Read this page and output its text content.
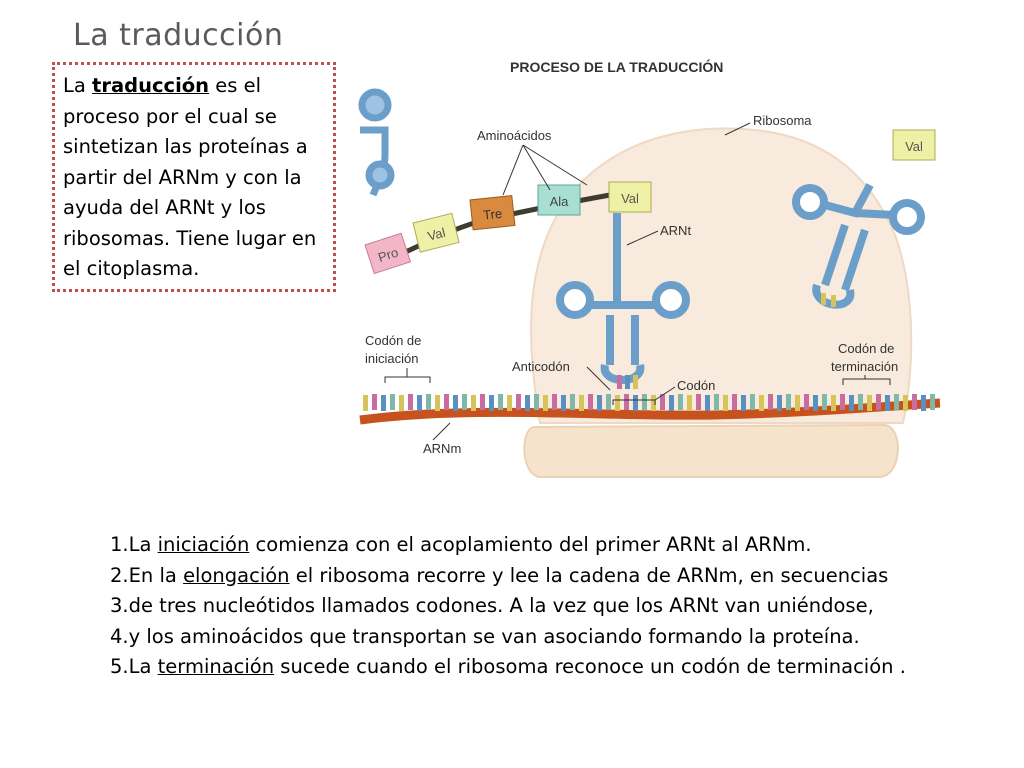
La traducción

La traducción es el proceso por el cual se sintetizan las proteínas a partir del ARNm y con la ayuda del ARNt y los ribosomas. Tiene lugar en el citoplasma.

Pro
Val
Tre
Ala	Val
Val
PROCESO DE LA TRADUCCIÓN
Aminoácidos
Ribosoma
ARNt
Codón de
iniciación
Anticodón
Codón
Codón de
terminación
ARNm
1.La iniciación comienza con el acoplamiento del primer ARNt al ARNm.
2.En la elongación el ribosoma recorre y lee la cadena de ARNm, en secuencias
3.de tres nucleótidos llamados codones. A la vez que los ARNt van uniéndose,
4.y los aminoácidos que transportan se van asociando formando la proteína.
5.La terminación sucede cuando el ribosoma reconoce un codón de terminación .
